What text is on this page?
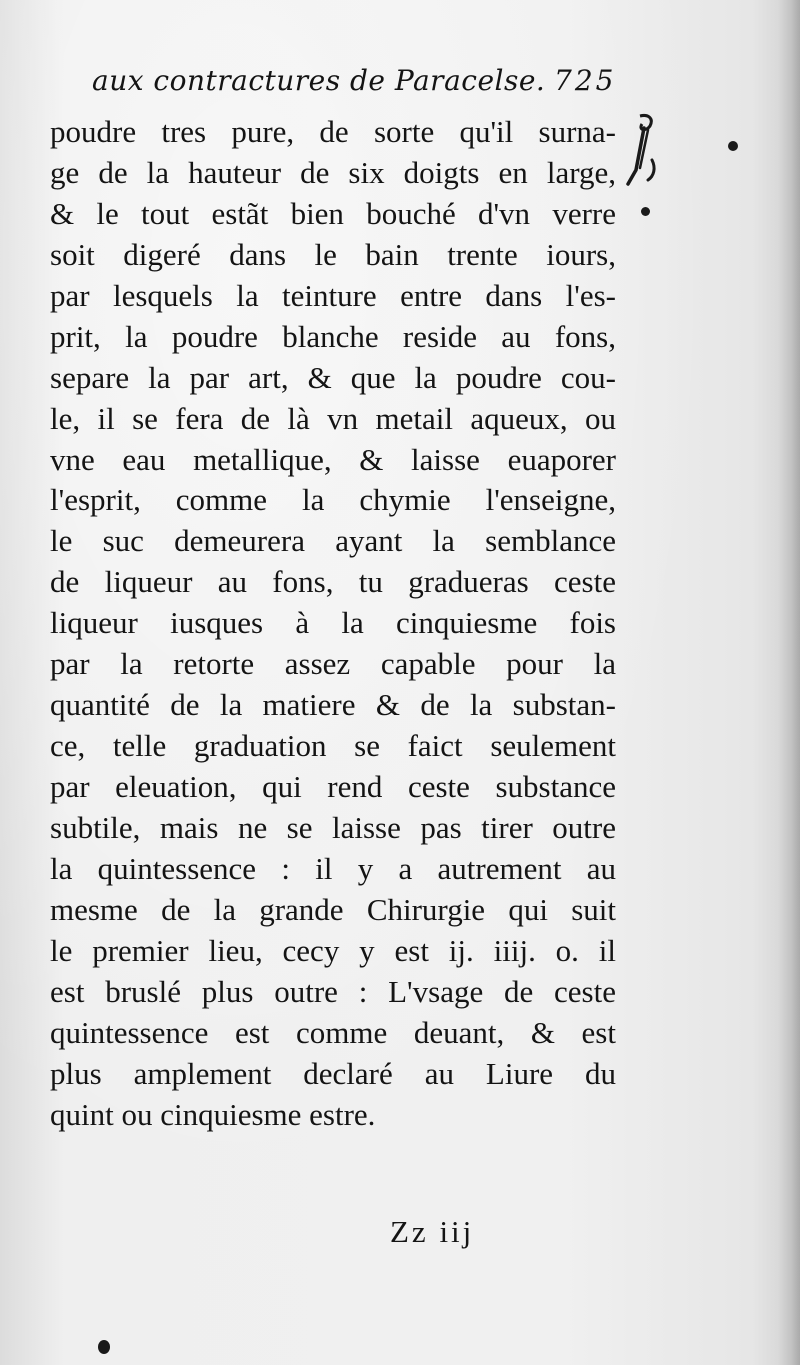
aux contractures de Paracelse. 725
poudre tres pure, de sorte qu'il surna-
ge de la hauteur de six doigts en large,
& le tout estãt bien bouché d'vn verre
soit digeré dans le bain trente iours,
par lesquels la teinture entre dans l'es-
prit, la poudre blanche reside au fons,
separe la par art, & que la poudre cou-
le, il se fera de là vn metail aqueux, ou
vne eau metallique, & laisse euaporer
l'esprit, comme la chymie l'enseigne,
le suc demeurera ayant la semblance
de liqueur au fons, tu gradueras ceste
liqueur iusques à la cinquiesme fois
par la retorte assez capable pour la
quantité de la matiere & de la substan-
ce, telle graduation se faict seulement
par eleuation, qui rend ceste substance
subtile, mais ne se laisse pas tirer outre
la quintessence : il y a autrement au
mesme de la grande Chirurgie qui suit
le premier lieu, cecy y est ij. iiij. o. il
est bruslé plus outre : L'vsage de ceste
quintessence est comme deuant, & est
plus amplement declaré au Liure du
quint ou cinquiesme estre.
Zz iij
